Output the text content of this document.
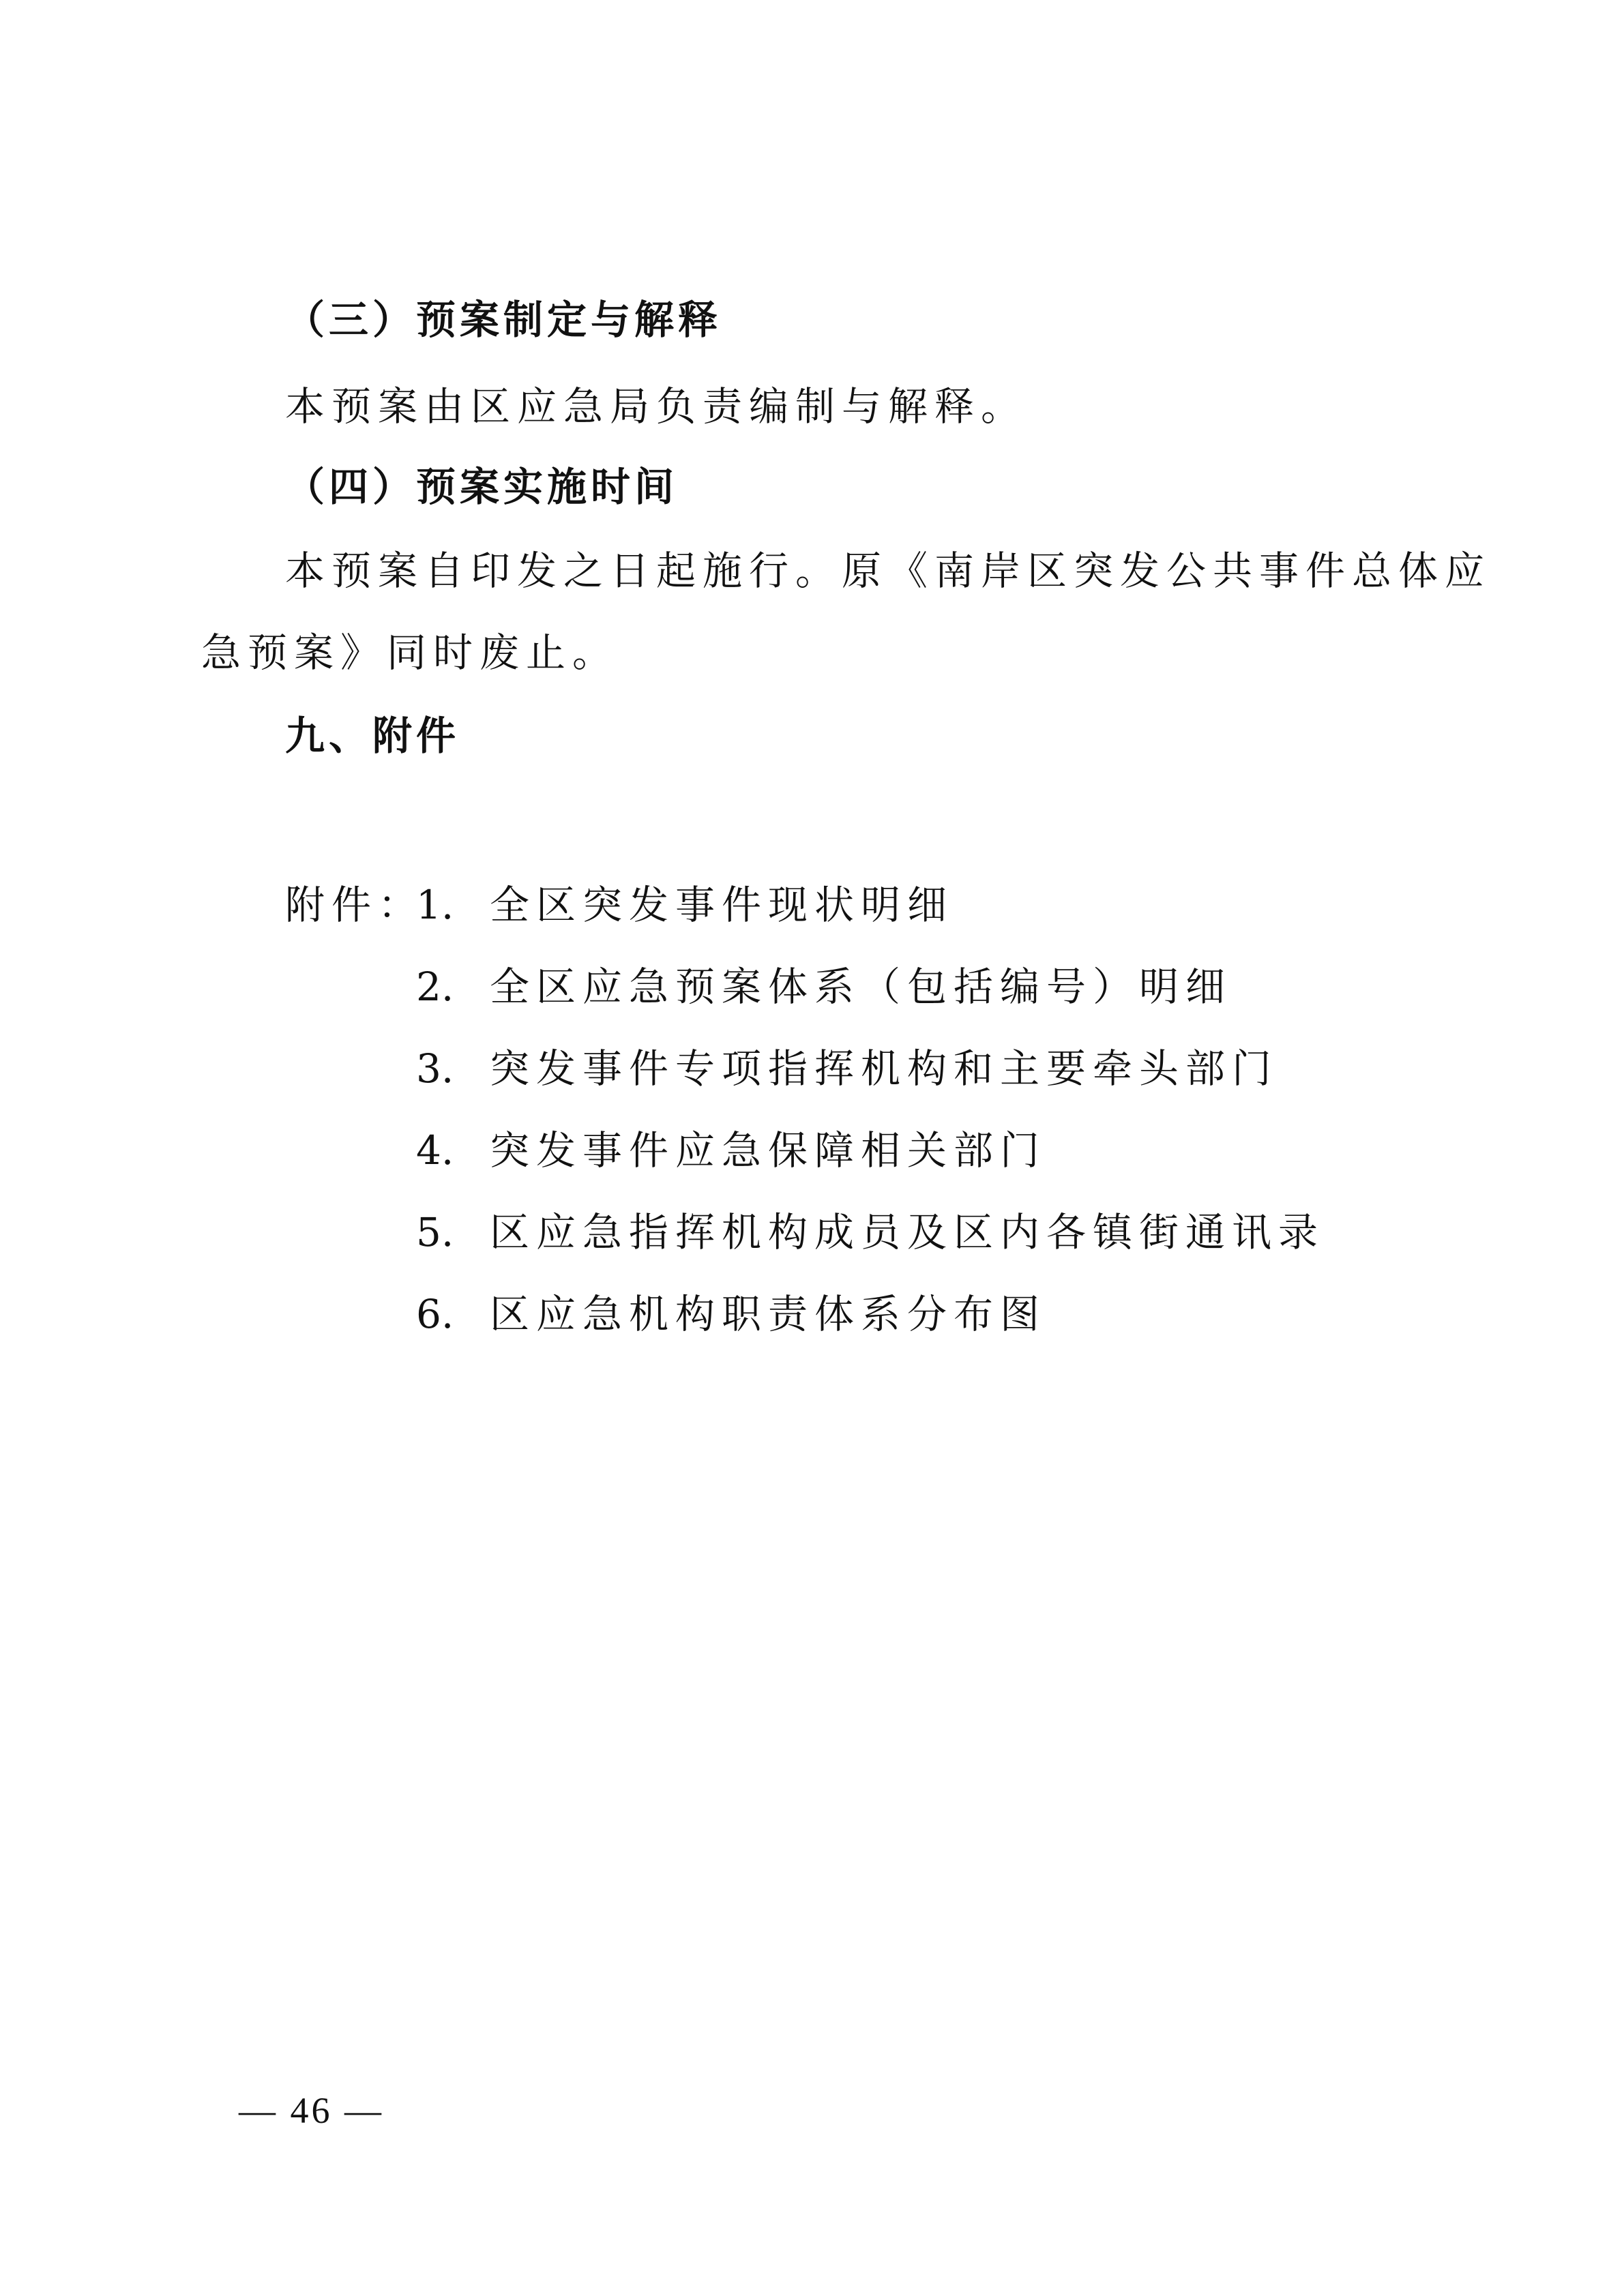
（三）预案制定与解释
本预案由区应急局负责编制与解释。
（四）预案实施时间
本预案自印发之日起施行。原《南岸区突发公共事件总体应
急预案》同时废止。
九、附件
附件：
1. 全区突发事件现状明细
2. 全区应急预案体系（包括编号）明细
3. 突发事件专项指挥机构和主要牵头部门
4. 突发事件应急保障相关部门
5. 区应急指挥机构成员及区内各镇街通讯录
6. 区应急机构职责体系分布图
— 46 —
